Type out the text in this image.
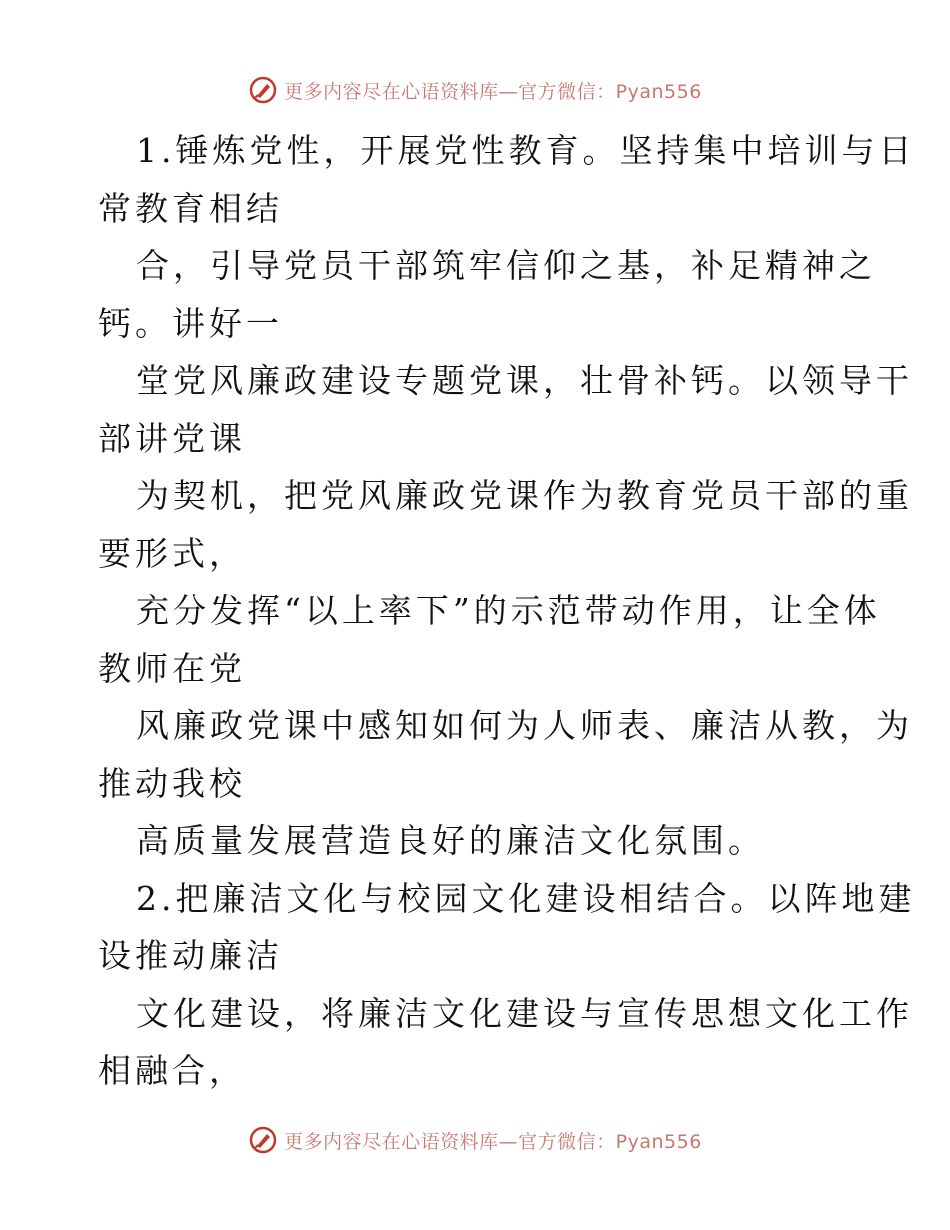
更多内容尽在心语资料库—官方微信：Pyan556
1.锤炼党性，开展党性教育。坚持集中培训与日
常教育相结
合，引导党员干部筑牢信仰之基，补足精神之
钙。讲好一
堂党风廉政建设专题党课，壮骨补钙。以领导干
部讲党课
为契机，把党风廉政党课作为教育党员干部的重
要形式，
充分发挥“以上率下”的示范带动作用，让全体
教师在党
风廉政党课中感知如何为人师表、廉洁从教，为
推动我校
高质量发展营造良好的廉洁文化氛围。
2.把廉洁文化与校园文化建设相结合。以阵地建
设推动廉洁
文化建设，将廉洁文化建设与宣传思想文化工作
相融合，
更多内容尽在心语资料库—官方微信：Pyan556
